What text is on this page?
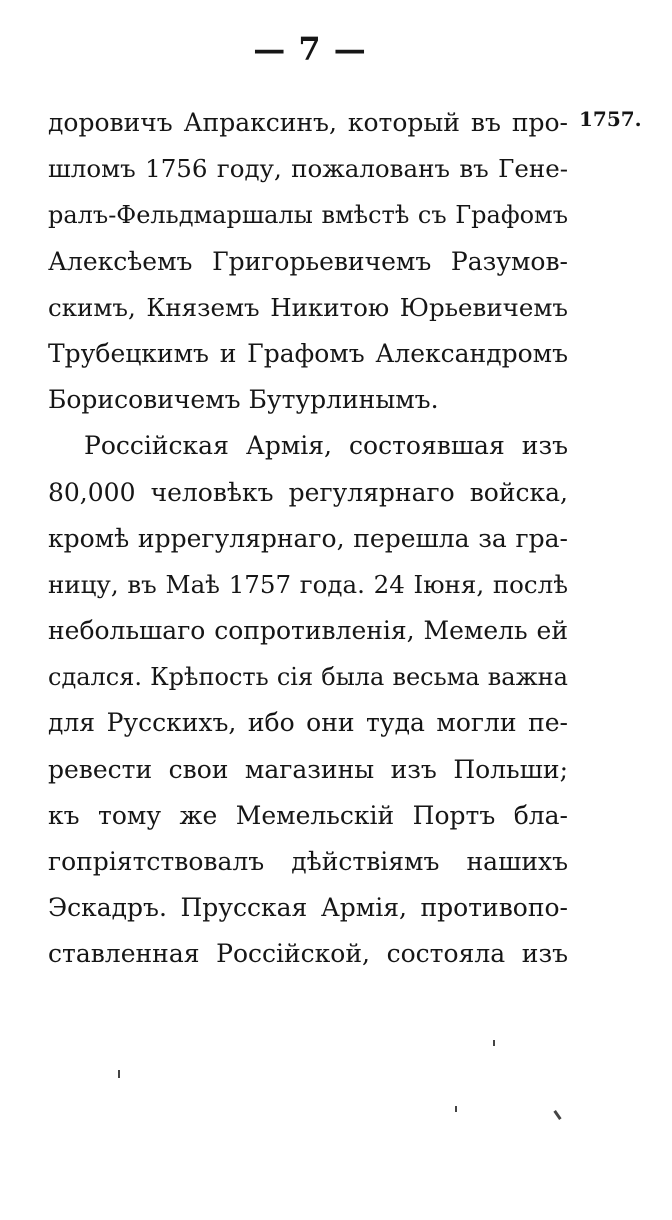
— 7 —
1757.
доровичъ Апраксинъ, который въ про-
шломъ 1756 году, пожалованъ въ Гене-
ралъ-Фельдмаршалы вмѣстѣ съ Графомъ
Алексѣемъ Григорьевичемъ Разумов-
скимъ, Княземъ Никитою Юрьевичемъ
Трубецкимъ и Графомъ Александромъ
Борисовичемъ Бутурлинымъ.
Россійская Армія, состоявшая изъ
80,000 человѣкъ регулярнаго войска,
кромѣ иррегулярнаго, перешла за гра-
ницу, въ Маѣ 1757 года. 24 Іюня, послѣ
небольшаго сопротивленія, Мемель ей
сдался. Крѣпость сія была весьма важна
для Русскихъ, ибо они туда могли пе-
ревести свои магазины изъ Польши;
къ тому же Мемельскій Портъ бла-
гопріятствовалъ дѣйствіямъ нашихъ
Эскадръ. Прусская Армія, противопо-
ставленная Россійской, состояла изъ
